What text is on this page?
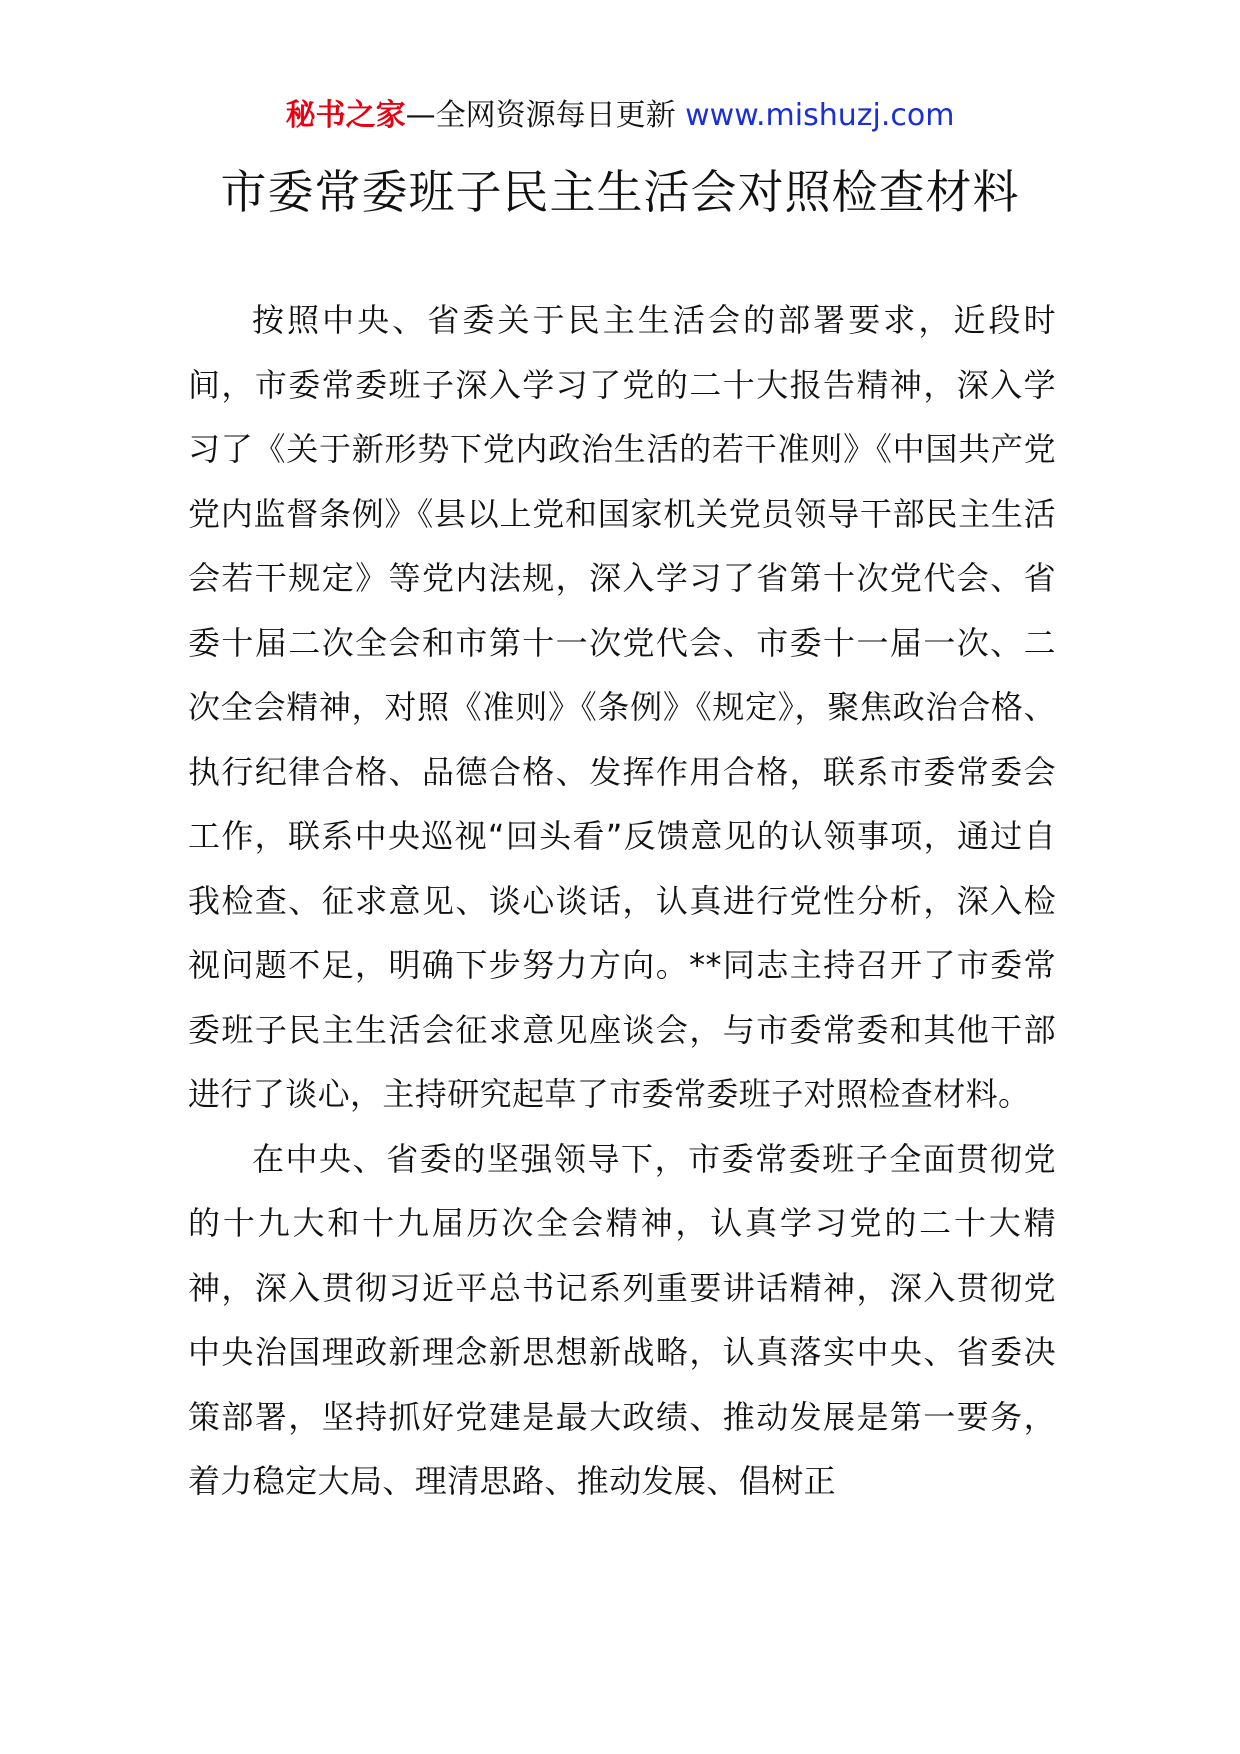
秘书之家—全网资源每日更新 www.mishuzj.com
市委常委班子民主生活会对照检查材料

按照中央、省委关于民主生活会的部署要求，近段时间，市委常委班子深入学习了党的二十大报告精神，深入学习了《关于新形势下党内政治生活的若干准则》《中国共产党党内监督条例》《县以上党和国家机关党员领导干部民主生活会若干规定》等党内法规，深入学习了省第十次党代会、省委十届二次全会和市第十一次党代会、市委十一届一次、二次全会精神，对照《准则》《条例》《规定》，聚焦政治合格、执行纪律合格、品德合格、发挥作用合格，联系市委常委会工作，联系中央巡视“回头看”反馈意见的认领事项，通过自我检查、征求意见、谈心谈话，认真进行党性分析，深入检视问题不足，明确下步努力方向。**同志主持召开了市委常委班子民主生活会征求意见座谈会，与市委常委和其他干部进行了谈心，主持研究起草了市委常委班子对照检查材料。

在中央、省委的坚强领导下，市委常委班子全面贯彻党的十九大和十九届历次全会精神，认真学习党的二十大精神，深入贯彻习近平总书记系列重要讲话精神，深入贯彻党中央治国理政新理念新思想新战略，认真落实中央、省委决策部署，坚持抓好党建是最大政绩、推动发展是第一要务，着力稳定大局、理清思路、推动发展、倡树正
